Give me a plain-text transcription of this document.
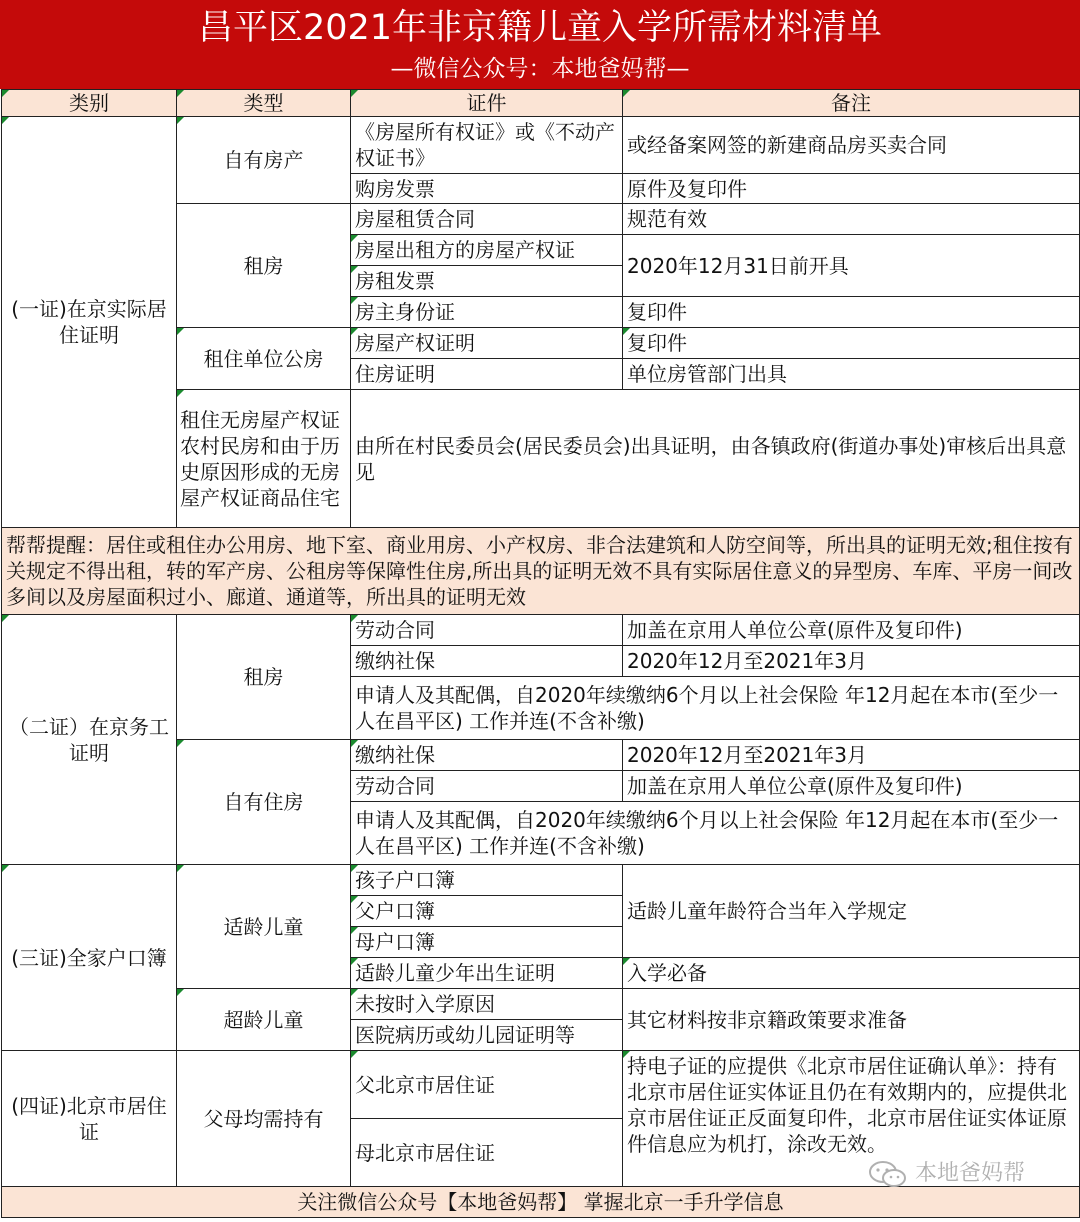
昌平区2021年非京籍儿童入学所需材料清单
—微信公众号：本地爸妈帮—
类别	类型	证件	备注
(一证)在京实际居住证明	自有房产	《房屋所有权证》或《不动产权证书》	或经备案网签的新建商品房买卖合同
		购房发票	原件及复印件
	租房	房屋租赁合同	规范有效
		房屋出租方的房屋产权证	2020年12月31日前开具
		房租发票	
		房主身份证	复印件
	租住单位公房	房屋产权证明	复印件
		住房证明	单位房管部门出具
	租住无房屋产权证农村民房和由于历史原因形成的无房屋产权证商品住宅	由所在村民委员会(居民委员会)出具证明，由各镇政府(街道办事处)审核后出具意见	

帮帮提醒：居住或租住办公用房、地下室、商业用房、小产权房、非合法建筑和人防空间等，所出具的证明无效;租住按有关规定不得出租，转的军产房、公租房等保障性住房,所出具的证明无效不具有实际居住意义的异型房、车库、平房一间改多间以及房屋面积过小、廊道、通道等，所出具的证明无效			
（二证）在京务工证明	租房	劳动合同	加盖在京用人单位公章(原件及复印件)
		缴纳社保	2020年12月至2021年3月
		申请人及其配偶，自2020年续缴纳6个月以上社会保险 年12月起在本市(至少一人在昌平区) 工作并连(不含补缴)	
	自有住房	缴纳社保	2020年12月至2021年3月
		劳动合同	加盖在京用人单位公章(原件及复印件)
		申请人及其配偶，自2020年续缴纳6个月以上社会保险 年12月起在本市(至少一人在昌平区) 工作并连(不含补缴)	
(三证)全家户口簿	适龄儿童	孩子户口簿	适龄儿童年龄符合当年入学规定
		父户口簿	
		母户口簿	
		适龄儿童少年出生证明	入学必备
	超龄儿童	未按时入学原因	其它材料按非京籍政策要求准备
		医院病历或幼儿园证明等	
(四证)北京市居住证	父母均需持有	父北京市居住证	持电子证的应提供《北京市居住证确认单》：持有北京市居住证实体证且仍在有效期内的，应提供北京市居住证正反面复印件，北京市居住证实体证原件信息应为机打，涂改无效。
		母北京市居住证	
关注微信公众号【本地爸妈帮】 掌握北京一手升学信息			
本地爸妈帮
